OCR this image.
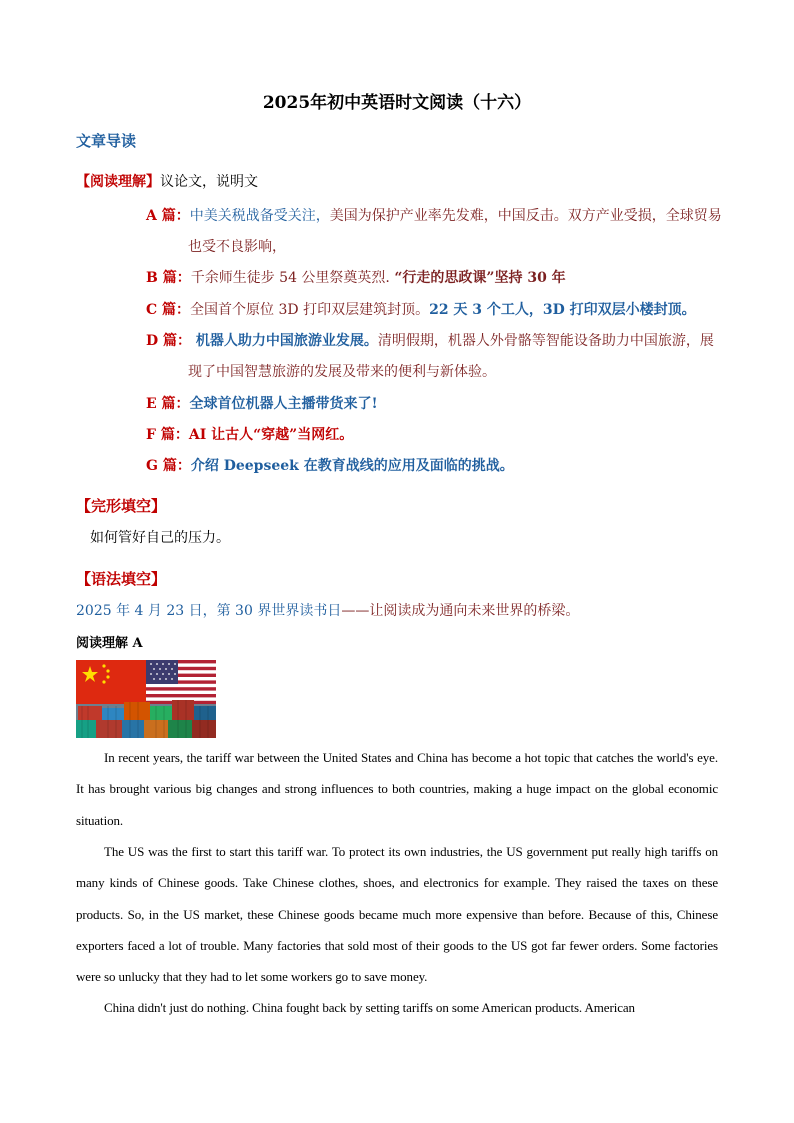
2025年初中英语时文阅读（十六）
文章导读
【阅读理解】议论文，说明文
A 篇：中美关税战备受关注，美国为保护产业率先发难，中国反击。双方产业受损，全球贸易
也受不良影响，
B 篇：千余师生徒步 54 公里祭奠英烈. “行走的思政课”坚持 30 年
C 篇：全国首个原位 3D 打印双层建筑封顶。22 天 3 个工人，3D 打印双层小楼封顶。
D 篇： 机器人助力中国旅游业发展。清明假期，机器人外骨骼等智能设备助力中国旅游，展
现了中国智慧旅游的发展及带来的便利与新体验。
E 篇：全球首位机器人主播带货来了!
F 篇：AI 让古人“穿越”当网红。
G 篇：介绍 Deepseek 在教育战线的应用及面临的挑战。
【完形填空】
如何管好自己的压力。
【语法填空】
2025 年 4 月 23 日，第 30 界世界读书日——让阅读成为通向未来世界的桥梁。
阅读理解 A
In recent years, the tariff war between the United States and China has become a hot topic that catches the world's eye. It has brought various big changes and strong influences to both countries, making a huge impact on the global economic situation.
The US was the first to start this tariff war. To protect its own industries, the US government put really high tariffs on many kinds of Chinese goods. Take Chinese clothes, shoes, and electronics for example. They raised the taxes on these products. So, in the US market, these Chinese goods became much more expensive than before. Because of this, Chinese exporters faced a lot of trouble. Many factories that sold most of their goods to the US got far fewer orders. Some factories were so unlucky that they had to let some workers go to save money.
China didn't just do nothing. China fought back by setting tariffs on some American products. American
